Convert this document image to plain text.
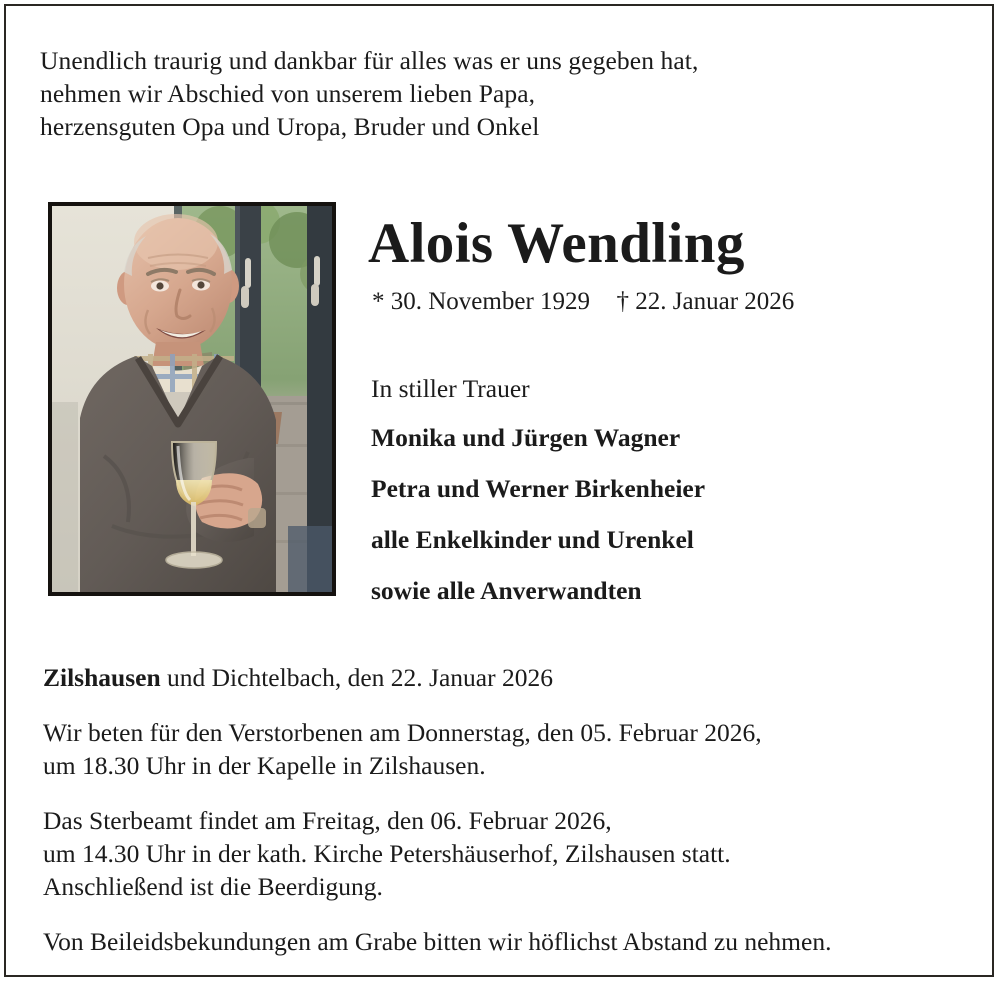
Unendlich traurig und dankbar für alles was er uns gegeben hat,
nehmen wir Abschied von unserem lieben Papa,
herzensguten Opa und Uropa, Bruder und Onkel
Alois Wendling
* 30. November 1929 † 22. Januar 2026

In stiller Trauer

Monika und Jürgen Wagner

Petra und Werner Birkenheier

alle Enkelkinder und Urenkel

sowie alle Anverwandten

Zilshausen und Dichtelbach, den 22. Januar 2026

Wir beten für den Verstorbenen am Donnerstag, den 05. Februar 2026,
um 18.30 Uhr in der Kapelle in Zilshausen.
Das Sterbeamt findet am Freitag, den 06. Februar 2026,
um 14.30 Uhr in der kath. Kirche Petershäuserhof, Zilshausen statt.
Anschließend ist die Beerdigung.
Von Beileidsbekundungen am Grabe bitten wir höflichst Abstand zu nehmen.
